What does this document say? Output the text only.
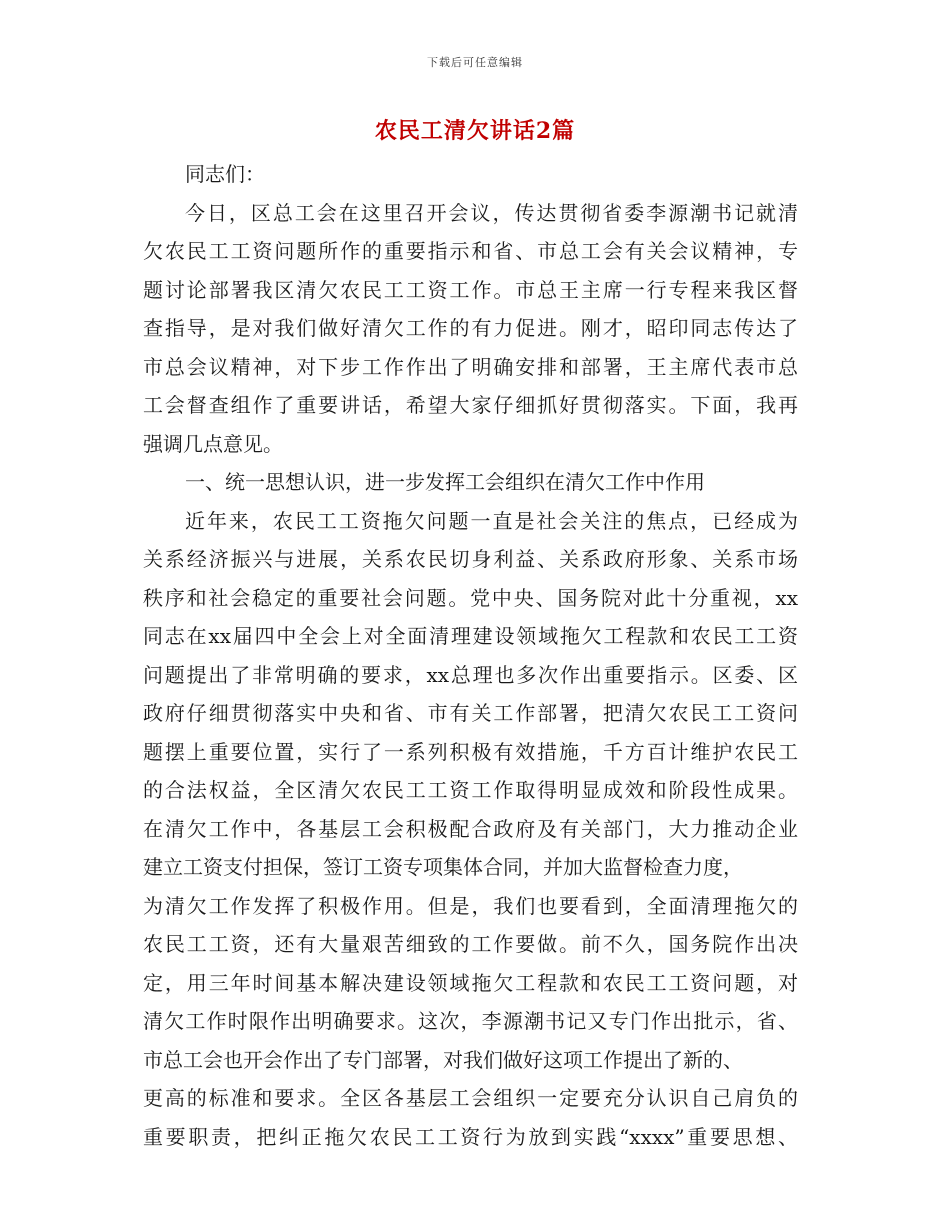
下载后可任意编辑
农民工清欠讲话2篇
同志们：
今日，区总工会在这里召开会议，传达贯彻省委李源潮书记就清
欠农民工工资问题所作的重要指示和省、市总工会有关会议精神，专
题讨论部署我区清欠农民工工资工作。市总王主席一行专程来我区督
查指导，是对我们做好清欠工作的有力促进。刚才，昭印同志传达了
市总会议精神，对下步工作作出了明确安排和部署，王主席代表市总
工会督查组作了重要讲话，希望大家仔细抓好贯彻落实。下面，我再
强调几点意见。
一、统一思想认识，进一步发挥工会组织在清欠工作中作用
近年来，农民工工资拖欠问题一直是社会关注的焦点，已经成为
关系经济振兴与进展，关系农民切身利益、关系政府形象、关系市场
秩序和社会稳定的重要社会问题。党中央、国务院对此十分重视，xx
同志在xx届四中全会上对全面清理建设领域拖欠工程款和农民工工资
问题提出了非常明确的要求，xx总理也多次作出重要指示。区委、区
政府仔细贯彻落实中央和省、市有关工作部署，把清欠农民工工资问
题摆上重要位置，实行了一系列积极有效措施，千方百计维护农民工
的合法权益，全区清欠农民工工资工作取得明显成效和阶段性成果。
在清欠工作中，各基层工会积极配合政府及有关部门，大力推动企业
建立工资支付担保，签订工资专项集体合同，并加大监督检查力度，
为清欠工作发挥了积极作用。但是，我们也要看到，全面清理拖欠的
农民工工资，还有大量艰苦细致的工作要做。前不久，国务院作出决
定，用三年时间基本解决建设领域拖欠工程款和农民工工资问题，对
清欠工作时限作出明确要求。这次，李源潮书记又专门作出批示，省、
市总工会也开会作出了专门部署，对我们做好这项工作提出了新的、
更高的标准和要求。全区各基层工会组织一定要充分认识自己肩负的
重要职责，把纠正拖欠农民工工资行为放到实践“xxxx”重要思想、
